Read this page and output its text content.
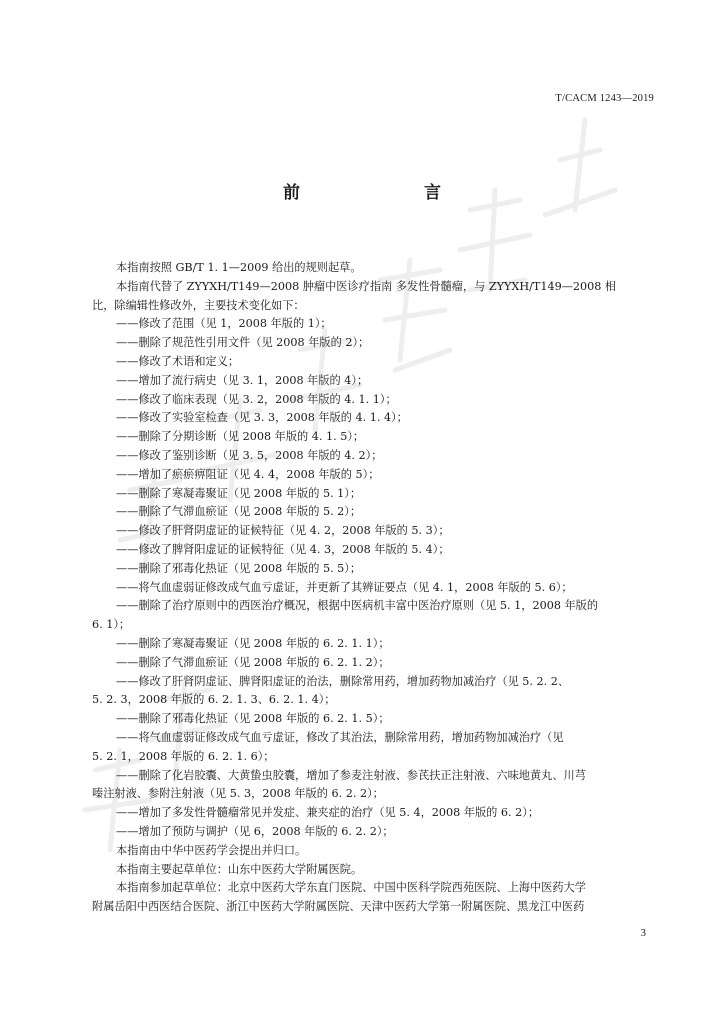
T/CACM 1243—2019
前　　言
本指南按照 GB/T 1. 1—2009 给出的规则起草。
本指南代替了 ZYYXH/T149—2008 肿瘤中医诊疗指南 多发性骨髓瘤，与 ZYYXH/T149—2008 相
比，除编辑性修改外，主要技术变化如下：
——修改了范围（见 1，2008 年版的 1）；
——删除了规范性引用文件（见 2008 年版的 2）；
——修改了术语和定义；
——增加了流行病史（见 3. 1，2008 年版的 4）；
——修改了临床表现（见 3. 2，2008 年版的 4. 1. 1）；
——修改了实验室检查（见 3. 3，2008 年版的 4. 1. 4）；
——删除了分期诊断（见 2008 年版的 4. 1. 5）；
——修改了鉴别诊断（见 3. 5，2008 年版的 4. 2）；
——增加了瘀瘀痹阻证（见 4. 4，2008 年版的 5）；
——删除了寒凝毒聚证（见 2008 年版的 5. 1）；
——删除了气滞血瘀证（见 2008 年版的 5. 2）；
——修改了肝肾阴虚证的证候特征（见 4. 2，2008 年版的 5. 3）；
——修改了脾肾阳虚证的证候特征（见 4. 3，2008 年版的 5. 4）；
——删除了邪毒化热证（见 2008 年版的 5. 5）；
——将气血虚弱证修改成气血亏虚证，并更新了其辨证要点（见 4. 1，2008 年版的 5. 6）；
——删除了治疗原则中的西医治疗概况，根据中医病机丰富中医治疗原则（见 5. 1，2008 年版的
6. 1）；
——删除了寒凝毒聚证（见 2008 年版的 6. 2. 1. 1）；
——删除了气滞血瘀证（见 2008 年版的 6. 2. 1. 2）；
——修改了肝肾阴虚证、脾肾阳虚证的治法，删除常用药，增加药物加减治疗（见 5. 2. 2、
5. 2. 3，2008 年版的 6. 2. 1. 3、6. 2. 1. 4）；
——删除了邪毒化热证（见 2008 年版的 6. 2. 1. 5）；
——将气血虚弱证修改成气血亏虚证，修改了其治法，删除常用药，增加药物加减治疗（见
5. 2. 1，2008 年版的 6. 2. 1. 6）；
——删除了化岩胶囊、大黄蛰虫胶囊，增加了参麦注射液、参芪扶正注射液、六味地黄丸、川芎
嗪注射液、参附注射液（见 5. 3，2008 年版的 6. 2. 2）；
——增加了多发性骨髓瘤常见并发症、兼夹症的治疗（见 5. 4，2008 年版的 6. 2）；
——增加了预防与调护（见 6，2008 年版的 6. 2. 2）；
本指南由中华中医药学会提出并归口。
本指南主要起草单位：山东中医药大学附属医院。
本指南参加起草单位：北京中医药大学东直门医院、中国中医科学院西苑医院、上海中医药大学
附属岳阳中西医结合医院、浙江中医药大学附属医院、天津中医药大学第一附属医院、黑龙江中医药
3
